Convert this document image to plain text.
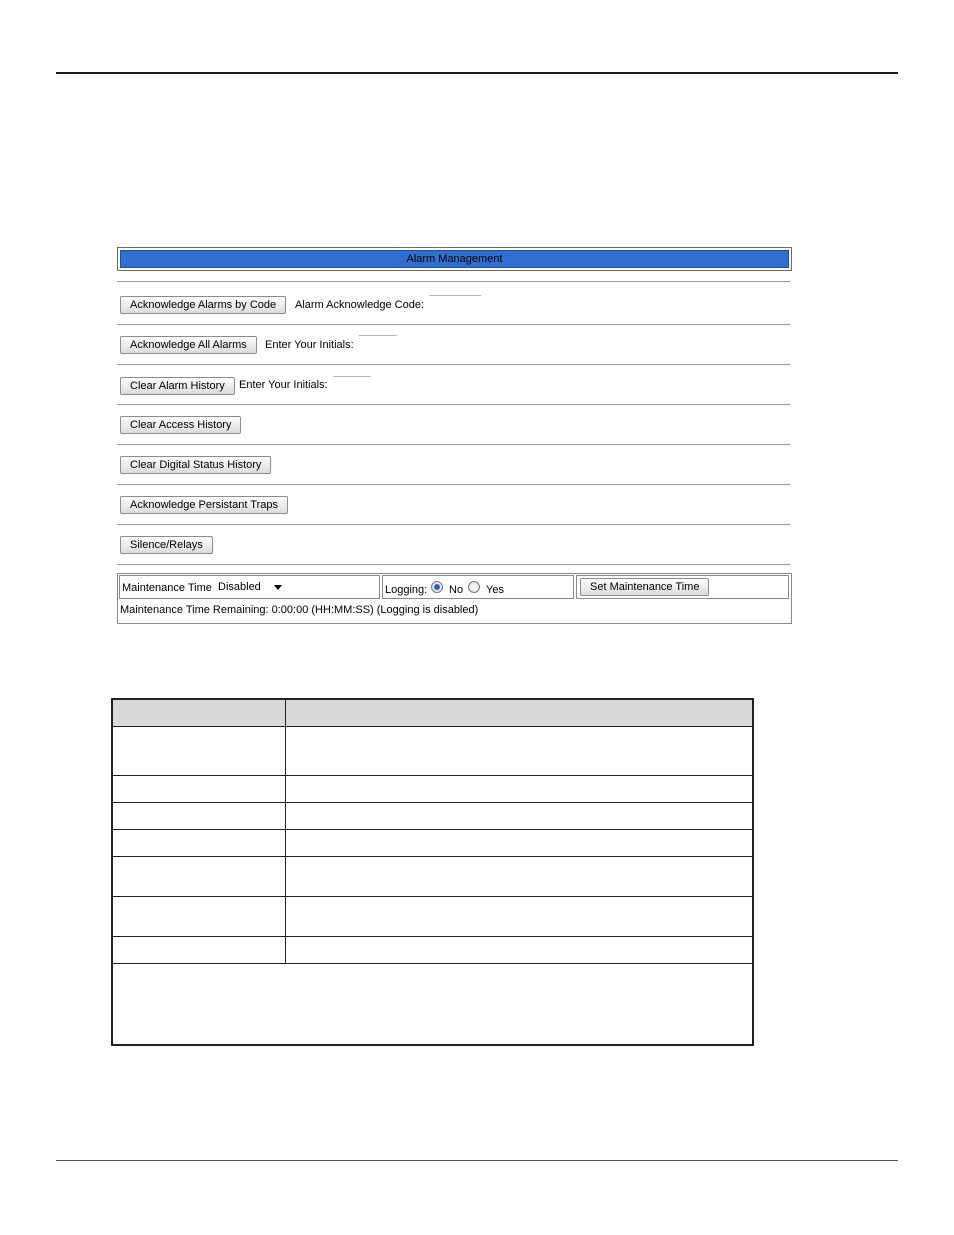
Alarm Management
Acknowledge Alarms by Code	Alarm Acknowledge Code:
Acknowledge All Alarms	Enter Your Initials:
Clear Alarm History	Enter Your Initials:
Clear Access History
Clear Digital Status History
Acknowledge Persistant Traps
Silence/Relays
Maintenance Time Disabled	Logging: No Yes	Set Maintenance Time
Maintenance Time Remaining: 0:00:00 (HH:MM:SS) (Logging is disabled)
